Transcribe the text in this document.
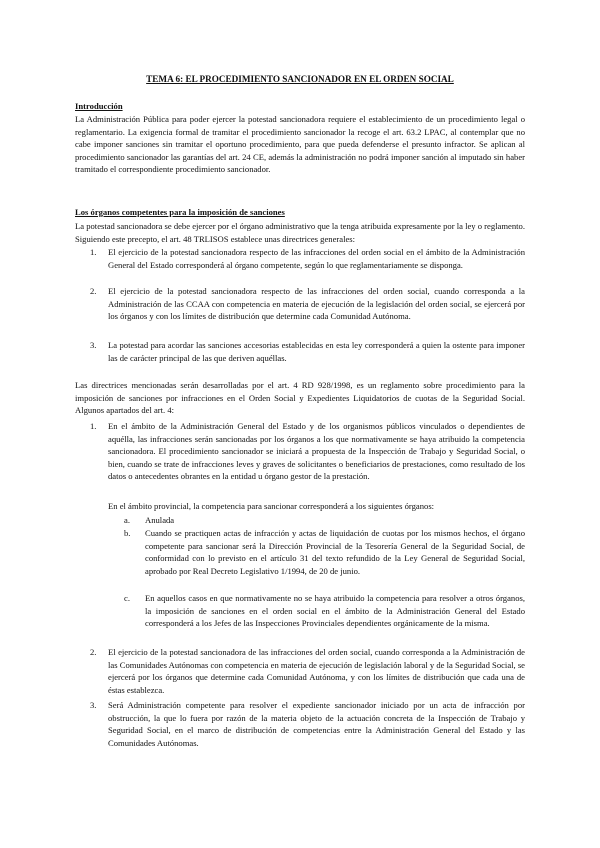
TEMA 6: EL PROCEDIMIENTO SANCIONADOR EN EL ORDEN SOCIAL
Introducción

La Administración Pública para poder ejercer la potestad sancionadora requiere el establecimiento de un procedimiento legal o reglamentario. La exigencia formal de tramitar el procedimiento sancionador la recoge el art. 63.2 LPAC, al contemplar que no cabe imponer sanciones sin tramitar el oportuno procedimiento, para que pueda defenderse el presunto infractor. Se aplican al procedimiento sancionador las garantías del art. 24 CE, además la administración no podrá imponer sanción al imputado sin haber tramitado el correspondiente procedimiento sancionador.

Los órganos competentes para la imposición de sanciones

La potestad sancionadora se debe ejercer por el órgano administrativo que la tenga atribuida expresamente por la ley o reglamento. Siguiendo este precepto, el art. 48 TRLISOS establece unas directrices generales:

1. El ejercicio de la potestad sancionadora respecto de las infracciones del orden social en el ámbito de la Administración General del Estado corresponderá al órgano competente, según lo que reglamentariamente se disponga.
2. El ejercicio de la potestad sancionadora respecto de las infracciones del orden social, cuando corresponda a la Administración de las CCAA con competencia en materia de ejecución de la legislación del orden social, se ejercerá por los órganos y con los límites de distribución que determine cada Comunidad Autónoma.
3. La potestad para acordar las sanciones accesorias establecidas en esta ley corresponderá a quien la ostente para imponer las de carácter principal de las que deriven aquéllas.

Las directrices mencionadas serán desarrolladas por el art. 4 RD 928/1998, es un reglamento sobre procedimiento para la imposición de sanciones por infracciones en el Orden Social y Expedientes Liquidatorios de cuotas de la Seguridad Social. Algunos apartados del art. 4:

1. En el ámbito de la Administración General del Estado y de los organismos públicos vinculados o dependientes de aquélla, las infracciones serán sancionadas por los órganos a los que normativamente se haya atribuido la competencia sancionadora. El procedimiento sancionador se iniciará a propuesta de la Inspección de Trabajo y Seguridad Social, o bien, cuando se trate de infracciones leves y graves de solicitantes o beneficiarios de prestaciones, como resultado de los datos o antecedentes obrantes en la entidad u órgano gestor de la prestación.

En el ámbito provincial, la competencia para sancionar corresponderá a los siguientes órganos:

a. Anulada
b. Cuando se practiquen actas de infracción y actas de liquidación de cuotas por los mismos hechos, el órgano competente para sancionar será la Dirección Provincial de la Tesorería General de la Seguridad Social, de conformidad con lo previsto en el artículo 31 del texto refundido de la Ley General de Seguridad Social, aprobado por Real Decreto Legislativo 1/1994, de 20 de junio.
c. En aquellos casos en que normativamente no se haya atribuido la competencia para resolver a otros órganos, la imposición de sanciones en el orden social en el ámbito de la Administración General del Estado corresponderá a los Jefes de las Inspecciones Provinciales dependientes orgánicamente de la misma.
2. El ejercicio de la potestad sancionadora de las infracciones del orden social, cuando corresponda a la Administración de las Comunidades Autónomas con competencia en materia de ejecución de legislación laboral y de la Seguridad Social, se ejercerá por los órganos que determine cada Comunidad Autónoma, y con los límites de distribución que cada una de éstas establezca.
3. Será Administración competente para resolver el expediente sancionador iniciado por un acta de infracción por obstrucción, la que lo fuera por razón de la materia objeto de la actuación concreta de la Inspección de Trabajo y Seguridad Social, en el marco de distribución de competencias entre la Administración General del Estado y las Comunidades Autónomas.
